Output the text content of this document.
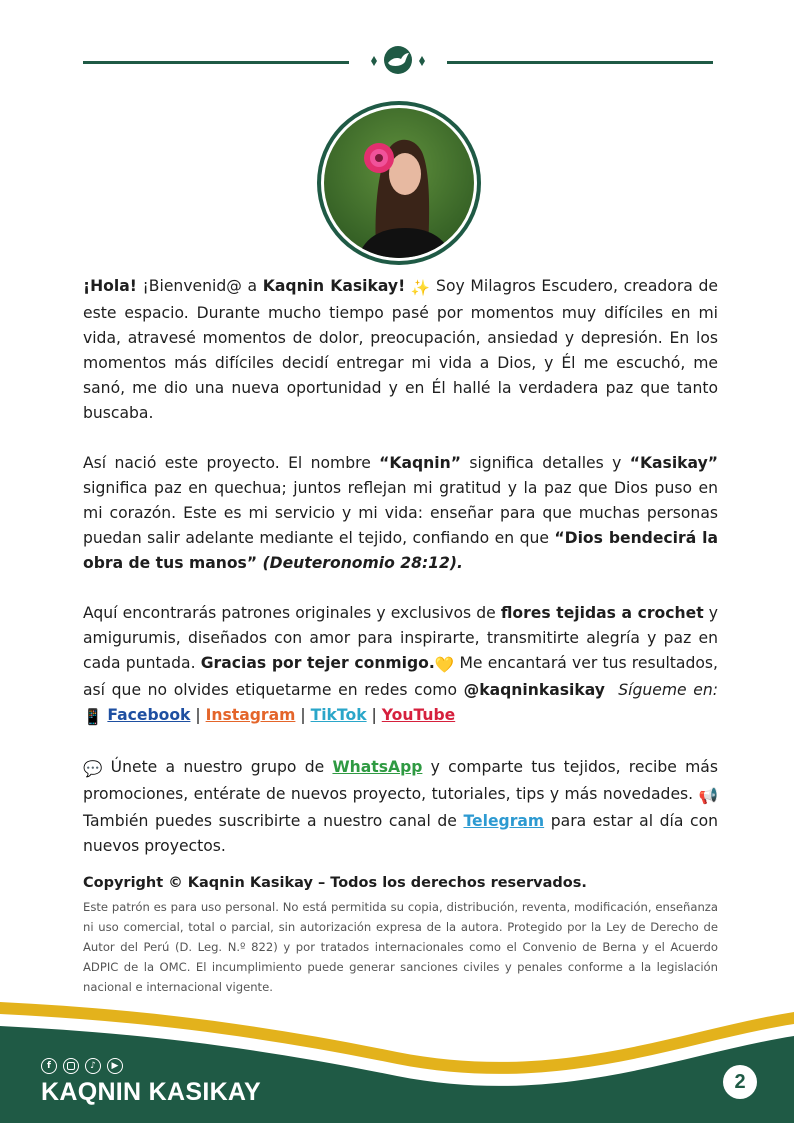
¡Hola! ¡Bienvenid@ a Kaqnin Kasikay! ✨ Soy Milagros Escudero, creadora de este espacio. Durante mucho tiempo pasé por momentos muy difíciles en mi vida, atravesé momentos de dolor, preocupación, ansiedad y depresión. En los momentos más difíciles decidí entregar mi vida a Dios, y Él me escuchó, me sanó, me dio una nueva oportunidad y en Él hallé la verdadera paz que tanto buscaba.

Así nació este proyecto. El nombre “Kaqnin” significa detalles y “Kasikay” significa paz en quechua; juntos reflejan mi gratitud y la paz que Dios puso en mi corazón. Este es mi servicio y mi vida: enseñar para que muchas personas puedan salir adelante mediante el tejido, confiando en que “Dios bendecirá la obra de tus manos” (Deuteronomio 28:12).

Aquí encontrarás patrones originales y exclusivos de flores tejidas a crochet y amigurumis, diseñados con amor para inspirarte, transmitirte alegría y paz en cada puntada. Gracias por tejer conmigo.💛 Me encantará ver tus resultados, así que no olvides etiquetarme en redes como @kaqninkasikay Sígueme en: 📱 Facebook | Instagram | TikTok | YouTube

💬 Únete a nuestro grupo de WhatsApp y comparte tus tejidos, recibe más promociones, entérate de nuevos proyecto, tutoriales, tips y más novedades. 📢 También puedes suscribirte a nuestro canal de Telegram para estar al día con nuevos proyectos.

Copyright © Kaqnin Kasikay – Todos los derechos reservados.
Este patrón es para uso personal. No está permitida su copia, distribución, reventa, modificación, enseñanza ni uso comercial, total o parcial, sin autorización expresa de la autora. Protegido por la Ley de Derecho de Autor del Perú (D. Leg. N.º 822) y por tratados internacionales como el Convenio de Berna y el Acuerdo ADPIC de la OMC. El incumplimiento puede generar sanciones civiles y penales conforme a la legislación nacional e internacional vigente.
f	♪	▶
KAQNIN KASIKAY	2
